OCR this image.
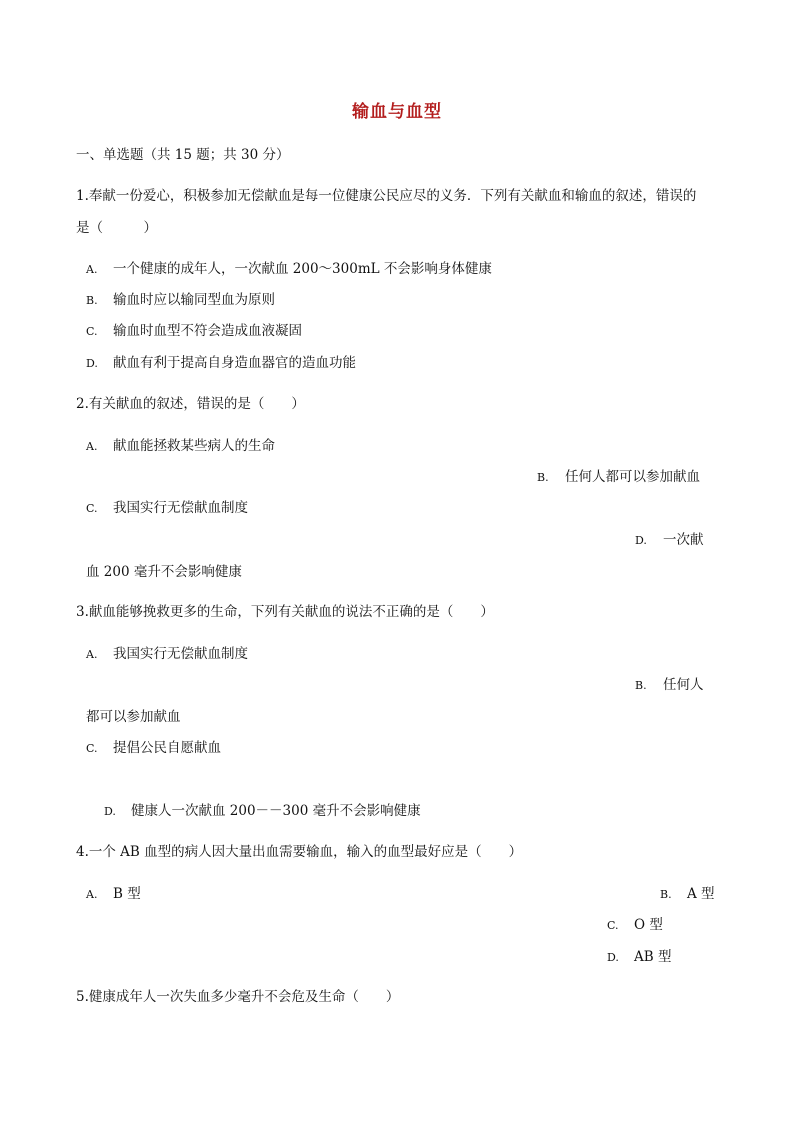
输血与血型
一、单选题（共 15 题；共 30 分）
1.奉献一份爱心，积极参加无偿献血是每一位健康公民应尽的义务．下列有关献血和输血的叙述，错误的
是（　　　）
A. 一个健康的成年人，一次献血 200～300mL 不会影响身体健康
B. 输血时应以输同型血为原则
C. 输血时血型不符会造成血液凝固
D. 献血有利于提高自身造血器官的造血功能
2.有关献血的叙述，错误的是（　　）
A. 献血能拯救某些病人的生命
B. 任何人都可以参加献血
C. 我国实行无偿献血制度
D. 一次献
血 200 毫升不会影响健康
3.献血能够挽救更多的生命，下列有关献血的说法不正确的是（　　）
A. 我国实行无偿献血制度
B. 任何人
都可以参加献血
C. 提倡公民自愿献血
D. 健康人一次献血 200－－300 毫升不会影响健康
4.一个 AB 血型的病人因大量出血需要输血，输入的血型最好应是（　　）
A. B 型	B. A 型
C. O 型
D. AB 型
5.健康成年人一次失血多少毫升不会危及生命（　　）
